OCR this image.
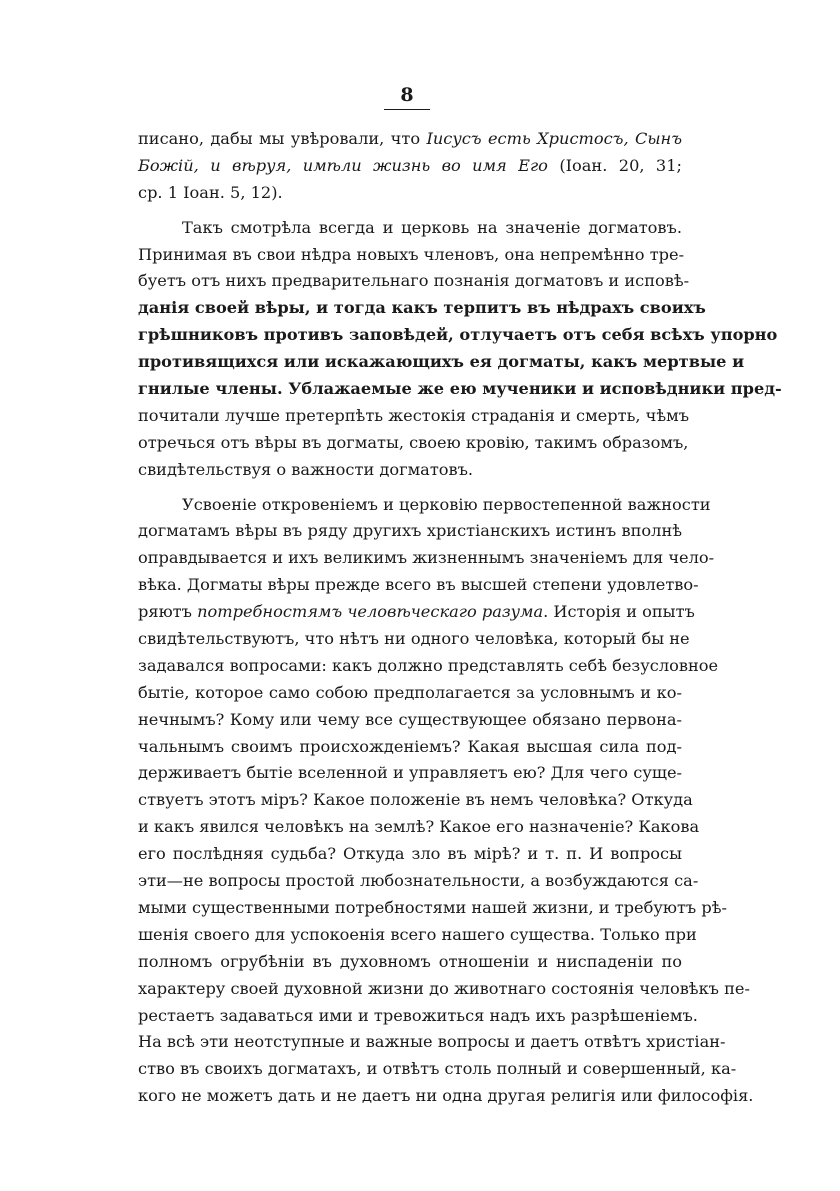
8
писано, дабы мы увѣровали, что Iисусъ есть Христосъ, Сынъ
Божiй, и вѣруя, имѣли жизнь во имя Его (Iоан. 20, 31;
ср. 1 Iоан. 5, 12).
Такъ смотрѣла всегда и церковь на значенiе догматовъ.
Принимая въ свои нѣдра новыхъ членовъ, она непремѣнно тре-
буетъ отъ нихъ предварительнаго познанiя догматовъ и исповѣ-
данiя своей вѣры, и тогда какъ терпитъ въ нѣдрахъ своихъ
грѣшниковъ противъ заповѣдей, отлучаетъ отъ себя всѣхъ упорно
противящихся или искажающихъ ея догматы, какъ мертвые и
гнилые члены. Ублажаемые же ею мученики и исповѣдники пред-
почитали лучше претерпѣть жестокiя страданiя и смерть, чѣмъ
отречься отъ вѣры въ догматы, своею кровiю, такимъ образомъ,
свидѣтельствуя о важности догматовъ.
Усвоенiе откровенiемъ и церковiю первостепенной важности
догматамъ вѣры въ ряду другихъ христiанскихъ истинъ вполнѣ
оправдывается и ихъ великимъ жизненнымъ значенiемъ для чело-
вѣка. Догматы вѣры прежде всего въ высшей степени удовлетво-
ряютъ потребностямъ человѣческаго разума. Исторiя и опытъ
свидѣтельствуютъ, что нѣтъ ни одного человѣка, который бы не
задавался вопросами: какъ должно представлять себѣ безусловное
бытiе, которое само собою предполагается за условнымъ и ко-
нечнымъ? Кому или чему все существующее обязано первона-
чальнымъ своимъ происхожденiемъ? Какая высшая сила под-
держиваетъ бытiе вселенной и управляетъ ею? Для чего суще-
ствуетъ этотъ мiръ? Какое положенiе въ немъ человѣка? Откуда
и какъ явился человѣкъ на землѣ? Какое его назначенiе? Какова
его послѣдняя судьба? Откуда зло въ мiрѣ? и т. п. И вопросы
эти—не вопросы простой любознательности, а возбуждаются са-
мыми существенными потребностями нашей жизни, и требуютъ рѣ-
шенiя своего для успокоенiя всего нашего существа. Только при
полномъ огрубѣнiи въ духовномъ отношенiи и ниспаденiи по
характеру своей духовной жизни до животнаго состоянiя человѣкъ пе-
рестаетъ задаваться ими и тревожиться надъ ихъ разрѣшенiемъ.
На всѣ эти неотступные и важные вопросы и даетъ отвѣтъ христiан-
ство въ своихъ догматахъ, и отвѣтъ столь полный и совершенный, ка-
кого не можетъ дать и не даетъ ни одна другая религiя или философiя.
